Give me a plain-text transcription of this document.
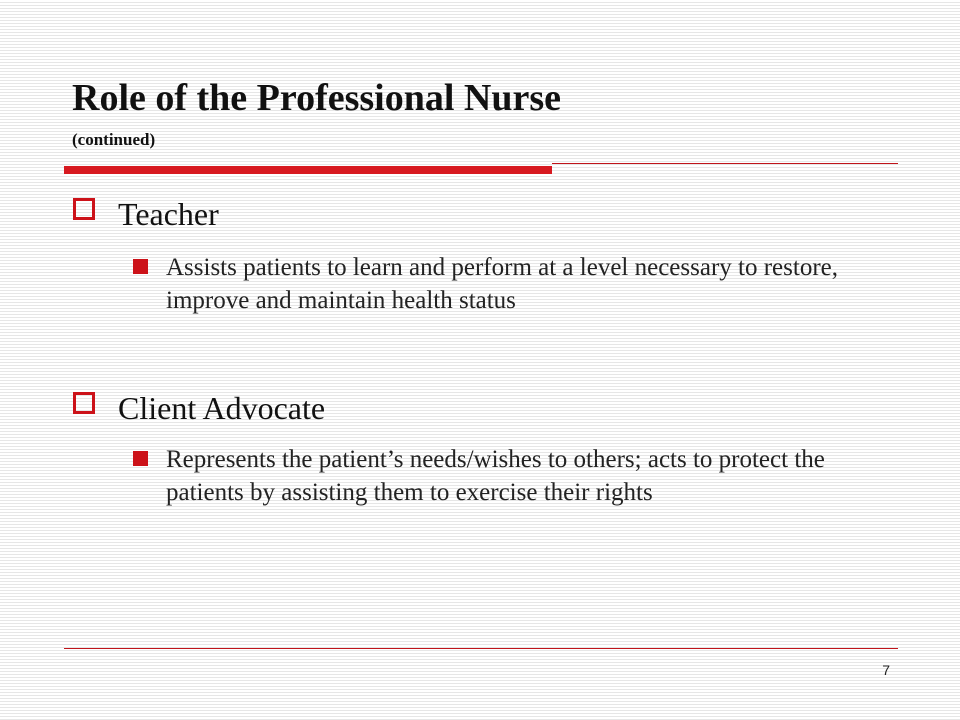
Role of the Professional Nurse
(continued)
Teacher
Assists patients to learn and perform at a level necessary to restore, improve and maintain health status
Client Advocate
Represents the patient’s needs/wishes to others; acts to protect the patients by assisting them to exercise their rights
7
